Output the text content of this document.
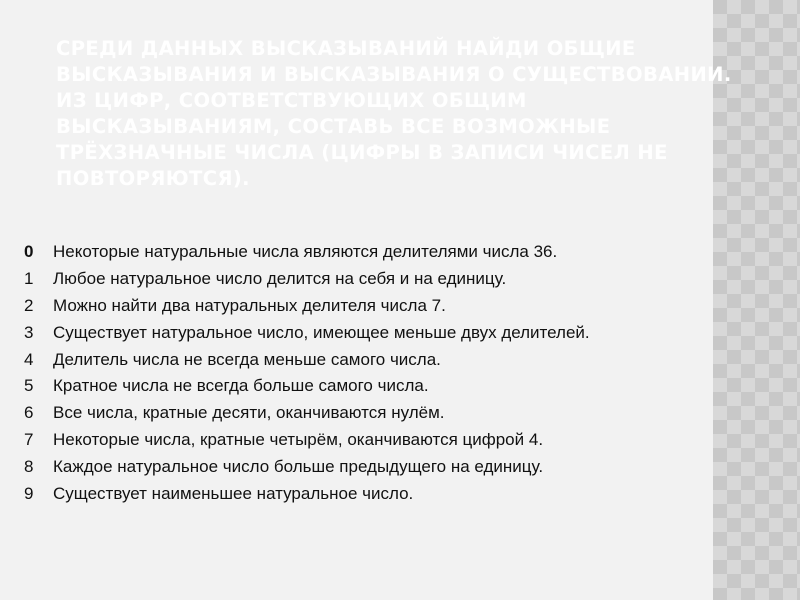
СРЕДИ ДАННЫХ ВЫСКАЗЫВАНИЙ НАЙДИ ОБЩИЕ ВЫСКАЗЫВАНИЯ И ВЫСКАЗЫВАНИЯ О СУЩЕСТВОВАНИИ. ИЗ ЦИФР, СООТВЕТСТВУЮЩИХ ОБЩИМ ВЫСКАЗЫВАНИЯМ, СОСТАВЬ ВСЕ ВОЗМОЖНЫЕ ТРЁХЗНАЧНЫЕ ЧИСЛА (ЦИФРЫ В ЗАПИСИ ЧИСЕЛ НЕ ПОВТОРЯЮТСЯ).
0	Некоторые натуральные числа являются делителями числа 36.
1	Любое натуральное число делится на себя и на единицу.
2	Можно найти два натуральных делителя числа 7.
3	Существует натуральное число, имеющее меньше двух делителей.
4	Делитель числа не всегда меньше самого числа.
5	Кратное числа не всегда больше самого числа.
6	Все числа, кратные десяти, оканчиваются нулём.
7	Некоторые числа, кратные четырём, оканчиваются цифрой 4.
8	Каждое натуральное число больше предыдущего на единицу.
9	Существует наименьшее натуральное число.
